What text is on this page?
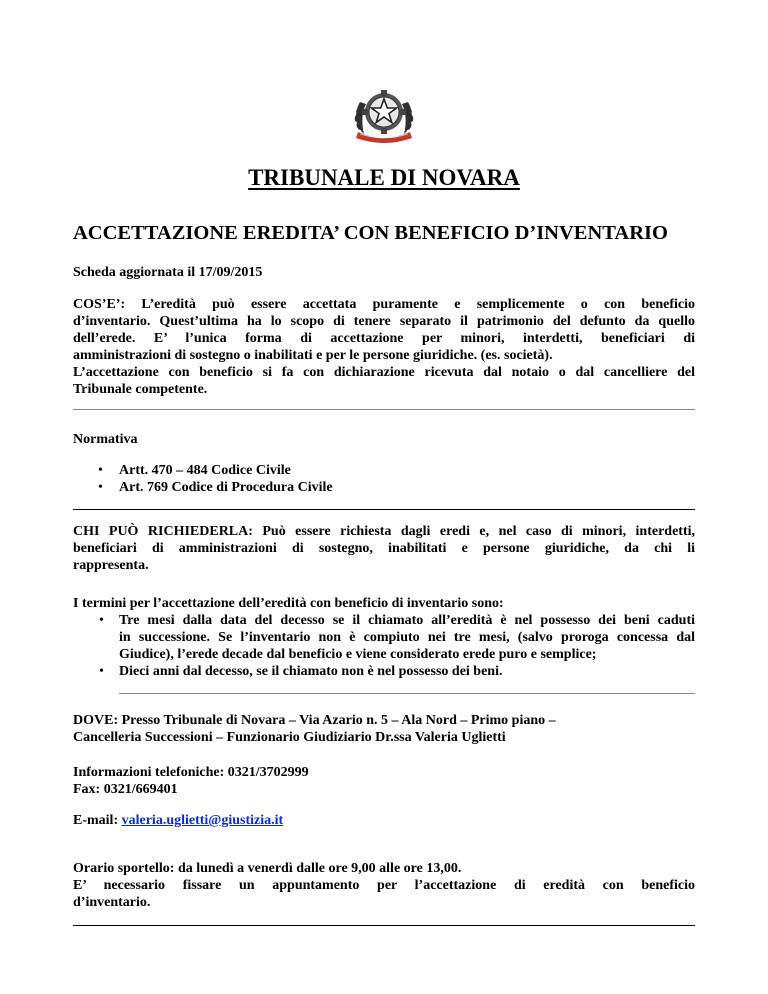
TRIBUNALE DI NOVARA
ACCETTAZIONE EREDITA’ CON BENEFICIO D’INVENTARIO
Scheda aggiornata il 17/09/2015
COS’E’: L’eredità può essere accettata puramente e semplicemente o con beneficio
d’inventario. Quest’ultima ha lo scopo di tenere separato il patrimonio del defunto da quello
dell’erede. E’ l’unica forma di accettazione per minori, interdetti, beneficiari di
amministrazioni di sostegno o inabilitati e per le persone giuridiche. (es. società).
L’accettazione con beneficio si fa con dichiarazione ricevuta dal notaio o dal cancelliere del
Tribunale competente.
Normativa
• Artt. 470 – 484 Codice Civile
• Art. 769 Codice di Procedura Civile
CHI PUÒ RICHIEDERLA: Può essere richiesta dagli eredi e, nel caso di minori, interdetti,
beneficiari di amministrazioni di sostegno, inabilitati e persone giuridiche, da chi li
rappresenta.
I termini per l’accettazione dell’eredità con beneficio di inventario sono:
• Tre mesi dalla data del decesso se il chiamato all’eredità è nel possesso dei beni caduti
in successione. Se l’inventario non è compiuto nei tre mesi, (salvo proroga concessa dal
Giudice), l’erede decade dal beneficio e viene considerato erede puro e semplice;
• Dieci anni dal decesso, se il chiamato non è nel possesso dei beni.
DOVE: Presso Tribunale di Novara – Via Azario n. 5 – Ala Nord – Primo piano –
Cancelleria Successioni – Funzionario Giudiziario Dr.ssa Valeria Uglietti
Informazioni telefoniche: 0321/3702999
Fax: 0321/669401
E-mail: valeria.uglietti@giustizia.it
Orario sportello: da lunedì a venerdì dalle ore 9,00 alle ore 13,00.
E’ necessario fissare un appuntamento per l’accettazione di eredità con beneficio
d’inventario.
